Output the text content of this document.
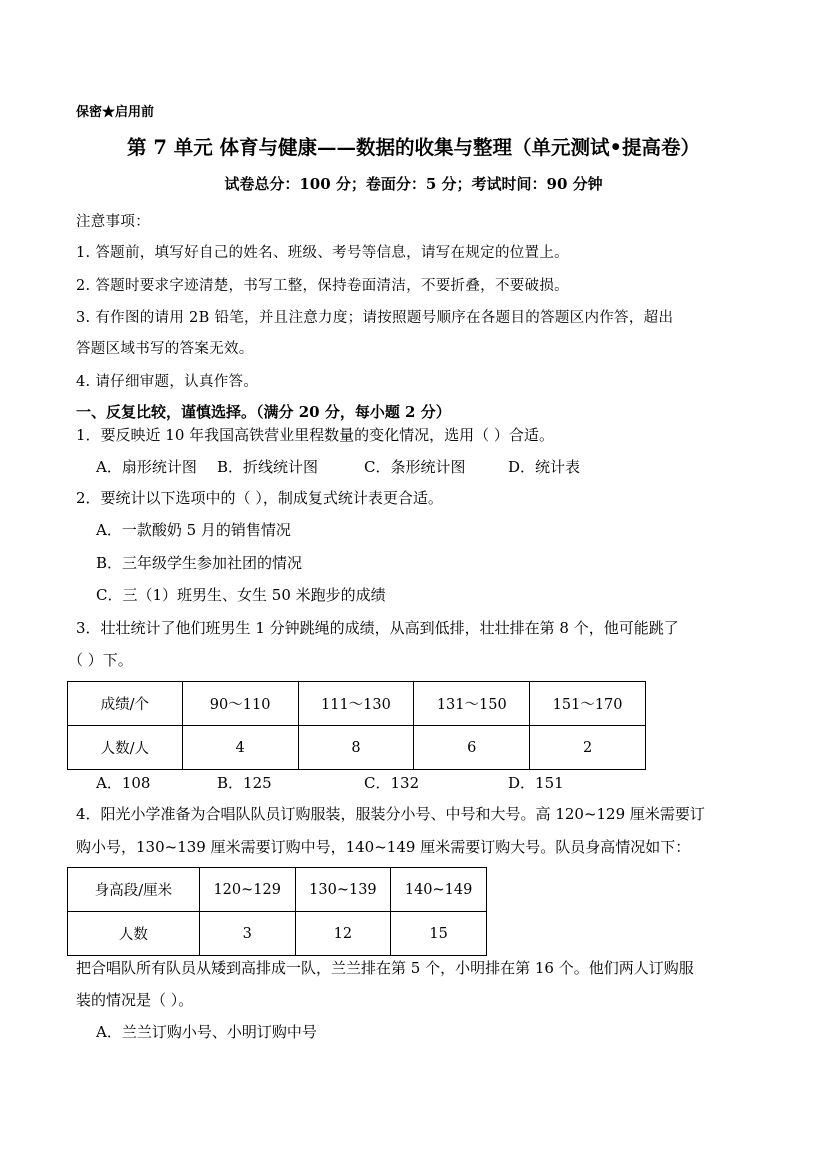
保密★启用前
第 7 单元 体育与健康——数据的收集与整理（单元测试•提高卷）
试卷总分：100 分；卷面分：5 分；考试时间：90 分钟
注意事项：
1. 答题前，填写好自己的姓名、班级、考号等信息，请写在规定的位置上。
2. 答题时要求字迹清楚，书写工整，保持卷面清洁，不要折叠，不要破损。
3. 有作图的请用 2B 铅笔，并且注意力度；请按照题号顺序在各题目的答题区内作答，超出
答题区域书写的答案无效。
4. 请仔细审题，认真作答。
一、反复比较，谨慎选择。（满分 20 分，每小题 2 分）
1．要反映近 10 年我国高铁营业里程数量的变化情况，选用（ ）合适。
A．扇形统计图 B．折线统计图	C．条形统计图	D．统计表
2．要统计以下选项中的（ ），制成复式统计表更合适。
A．一款酸奶 5 月的销售情况
B．三年级学生参加社团的情况
C．三（1）班男生、女生 50 米跑步的成绩
3．壮壮统计了他们班男生 1 分钟跳绳的成绩，从高到低排，壮壮排在第 8 个，他可能跳了
（ ）下。
成绩/个	90～110	111～130	131～150	151～170
人数/人	4	8	6	2
A．108	B．125	C．132	D．151
4．阳光小学准备为合唱队队员订购服装，服装分小号、中号和大号。高 120~129 厘米需要订
购小号，130~139 厘米需要订购中号，140~149 厘米需要订购大号。队员身高情况如下：
身高段/厘米	120~129	130~139	140~149
人数	3	12	15
把合唱队所有队员从矮到高排成一队，兰兰排在第 5 个，小明排在第 16 个。他们两人订购服
装的情况是（ ）。
A．兰兰订购小号、小明订购中号
